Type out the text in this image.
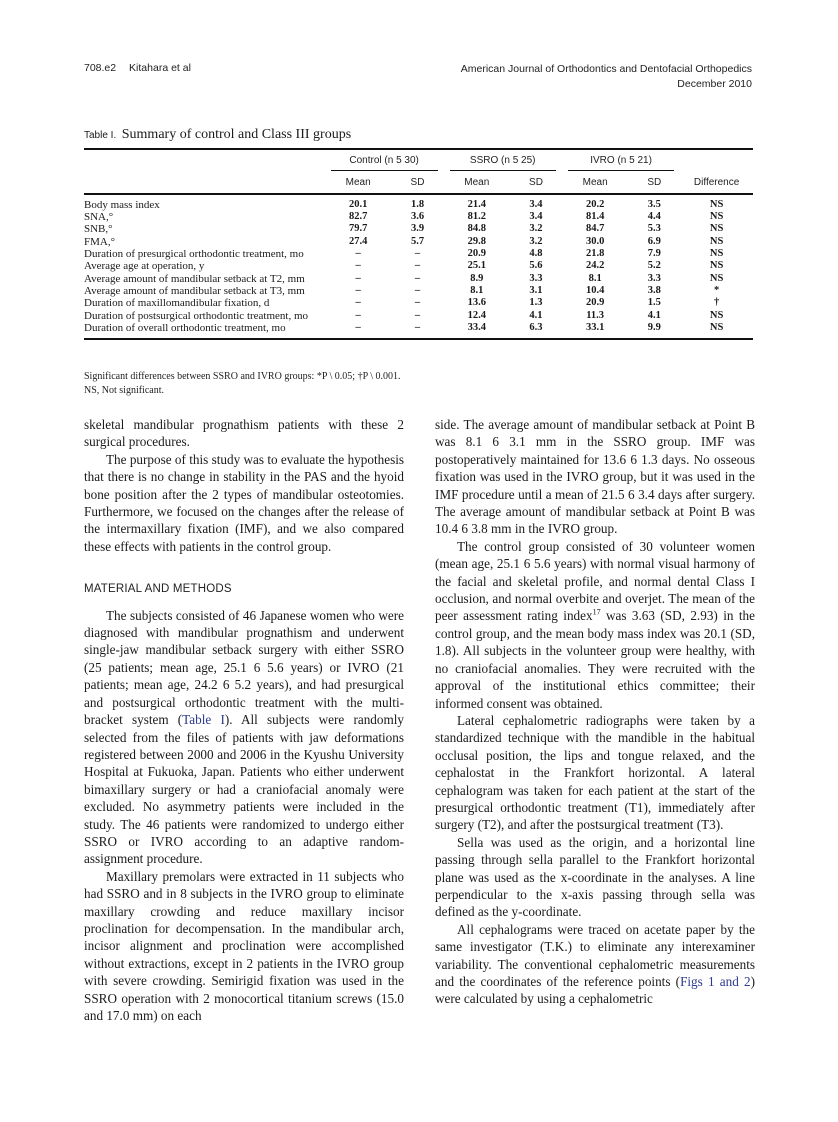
708.e2 Kitahara et al	American Journal of Orthodontics and Dentofacial Orthopedics
December 2010
Table I. Summary of control and Class III groups

	Control (n 5 30)		SSRO (n 5 25)		IVRO (n 5 21)		

	Mean	SD	Mean	SD	Mean	SD	Difference
Body mass index	20.1	1.8	21.4	3.4	20.2	3.5	NS
SNA,°	82.7	3.6	81.2	3.4	81.4	4.4	NS
SNB,°	79.7	3.9	84.8	3.2	84.7	5.3	NS
FMA,°	27.4	5.7	29.8	3.2	30.0	6.9	NS
Duration of presurgical orthodontic treatment, mo	–	–	20.9	4.8	21.8	7.9	NS
Average age at operation, y	–	–	25.1	5.6	24.2	5.2	NS
Average amount of mandibular setback at T2, mm	–	–	8.9	3.3	8.1	3.3	NS
Average amount of mandibular setback at T3, mm	–	–	8.1	3.1	10.4	3.8	*
Duration of maxillomandibular fixation, d	–	–	13.6	1.3	20.9	1.5	†
Duration of postsurgical orthodontic treatment, mo	–	–	12.4	4.1	11.3	4.1	NS
Duration of overall orthodontic treatment, mo	–	–	33.4	6.3	33.1	9.9	NS
Significant differences between SSRO and IVRO groups: *P \ 0.05; †P \ 0.001.
NS, Not significant.

skeletal mandibular prognathism patients with these 2 surgical procedures.

The purpose of this study was to evaluate the hypothesis that there is no change in stability in the PAS and the hyoid bone position after the 2 types of mandibular osteotomies. Furthermore, we focused on the changes after the release of the intermaxillary fixation (IMF), and we also compared these effects with patients in the control group.

MATERIAL AND METHODS

The subjects consisted of 46 Japanese women who were diagnosed with mandibular prognathism and underwent single-jaw mandibular setback surgery with either SSRO (25 patients; mean age, 25.1 6 5.6 years) or IVRO (21 patients; mean age, 24.2 6 5.2 years), and had presurgical and postsurgical orthodontic treatment with the multi-bracket system (Table I). All subjects were randomly selected from the files of patients with jaw deformations registered between 2000 and 2006 in the Kyushu University Hospital at Fukuoka, Japan. Patients who either underwent bimaxillary surgery or had a craniofacial anomaly were excluded. No asymmetry patients were included in the study. The 46 patients were randomized to undergo either SSRO or IVRO according to an adaptive random-assignment procedure.

Maxillary premolars were extracted in 11 subjects who had SSRO and in 8 subjects in the IVRO group to eliminate maxillary crowding and reduce maxillary incisor proclination for decompensation. In the mandibular arch, incisor alignment and proclination were accomplished without extractions, except in 2 patients in the IVRO group with severe crowding. Semirigid fixation was used in the SSRO operation with 2 monocortical titanium screws (15.0 and 17.0 mm) on each

side. The average amount of mandibular setback at Point B was 8.1 6 3.1 mm in the SSRO group. IMF was postoperatively maintained for 13.6 6 1.3 days. No osseous fixation was used in the IVRO group, but it was used in the IMF procedure until a mean of 21.5 6 3.4 days after surgery. The average amount of mandibular setback at Point B was 10.4 6 3.8 mm in the IVRO group.

The control group consisted of 30 volunteer women (mean age, 25.1 6 5.6 years) with normal visual harmony of the facial and skeletal profile, and normal dental Class I occlusion, and normal overbite and overjet. The mean of the peer assessment rating index$^{17}$ was 3.63 (SD, 2.93) in the control group, and the mean body mass index was 20.1 (SD, 1.8). All subjects in the volunteer group were healthy, with no craniofacial anomalies. They were recruited with the approval of the institutional ethics committee; their informed consent was obtained.

Lateral cephalometric radiographs were taken by a standardized technique with the mandible in the habitual occlusal position, the lips and tongue relaxed, and the cephalostat in the Frankfort horizontal. A lateral cephalogram was taken for each patient at the start of the presurgical orthodontic treatment (T1), immediately after surgery (T2), and after the postsurgical treatment (T3).

Sella was used as the origin, and a horizontal line passing through sella parallel to the Frankfort horizontal plane was used as the x-coordinate in the analyses. A line perpendicular to the x-axis passing through sella was defined as the y-coordinate.

All cephalograms were traced on acetate paper by the same investigator (T.K.) to eliminate any interexaminer variability. The conventional cephalometric measurements and the coordinates of the reference points (Figs 1 and 2) were calculated by using a cephalometric
